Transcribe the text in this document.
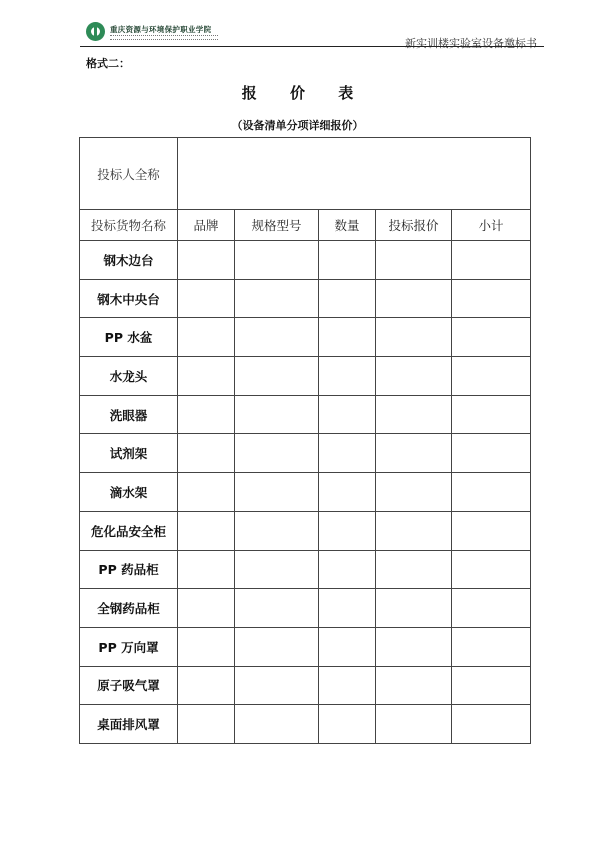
重庆资源与环境保护职业学院
新实训楼实验室设备邀标书
格式二：
报 价 表
（设备清单分项详细报价）
投标人全称					
投标货物名称	品牌	规格型号	数量	投标报价	小计
钢木边台					
钢木中央台					
PP 水盆					
水龙头					
洗眼器					
试剂架					
滴水架					
危化品安全柜					
PP 药品柜					
全钢药品柜					
PP 万向罩					
原子吸气罩					
桌面排风罩					
